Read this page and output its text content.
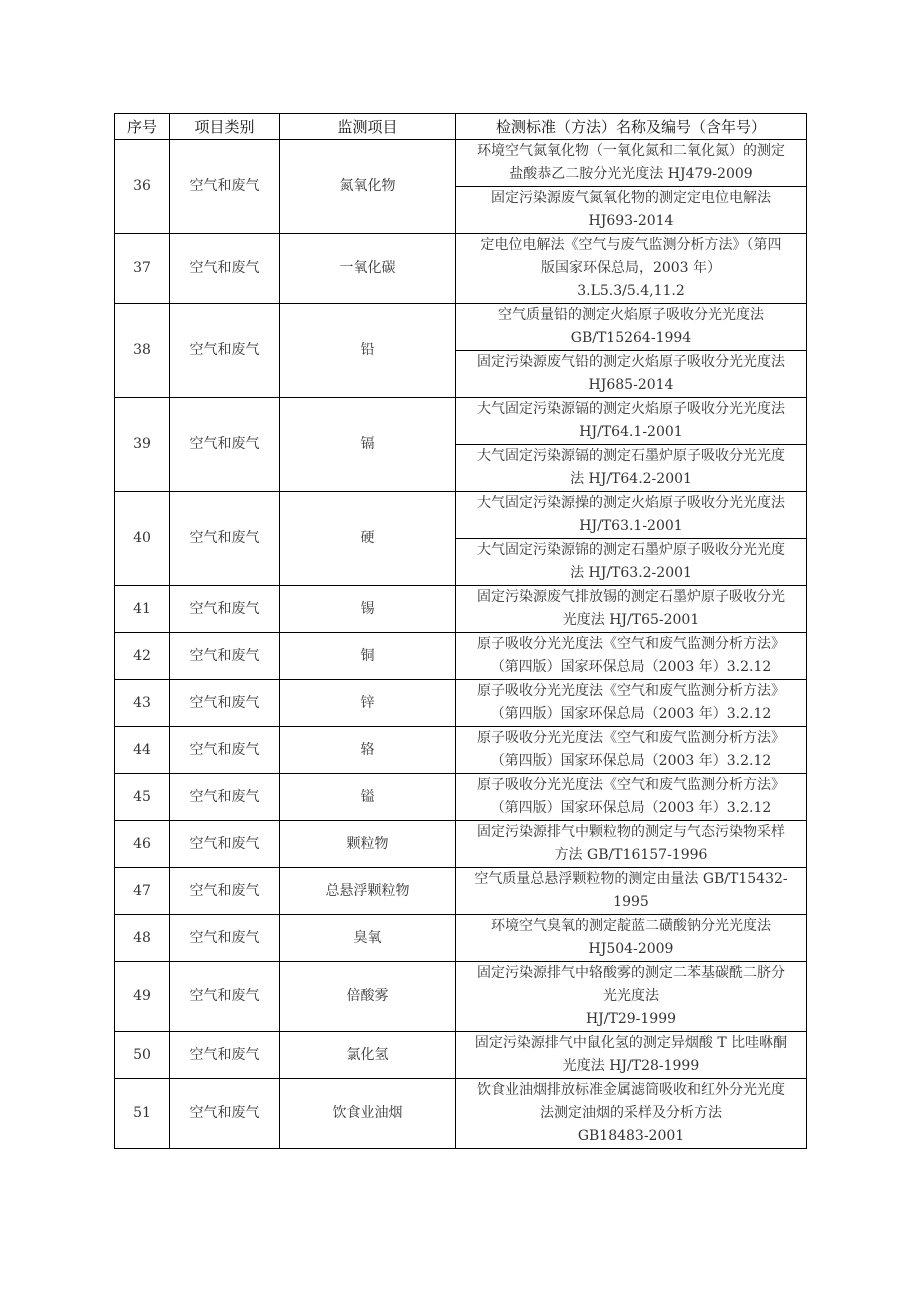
序号	项目类别	监测项目	检测标准（方法）名称及编号（含年号）
36	空气和废气	氮氧化物	环境空气氮氧化物（一氧化氮和二氧化氮）的测定
盐酸恭乙二胺分光光度法 HJ479-2009

			固定污染源废气氮氧化物的测定定电位电解法
HJ693-2014

37	空气和废气	一氧化碳	定电位电解法《空气与废气监测分析方法》（第四
版国家环保总局，2003 年）
3.L5.3/5.4,11.2

38	空气和废气	铅	空气质量铅的测定火焰原子吸收分光光度法
GB/T15264-1994

			固定污染源废气铅的测定火焰原子吸收分光光度法
HJ685-2014

39	空气和废气	镉	大气固定污染源镉的测定火焰原子吸收分光光度法
HJ/T64.1-2001

			大气固定污染源镉的测定石墨炉原子吸收分光光度
法 HJ/T64.2-2001

40	空气和废气	硬	大气固定污染源操的测定火焰原子吸收分光光度法
HJ/T63.1-2001

			大气固定污染源锦的测定石墨炉原子吸收分光光度
法 HJ/T63.2-2001

41	空气和废气	锡	固定污染源废气排放锡的测定石墨炉原子吸收分光
光度法 HJ/T65-2001

42	空气和废气	铜	原子吸收分光光度法《空气和废气监测分析方法》
（第四版）国家环保总局（2003 年）3.2.12

43	空气和废气	锌	原子吸收分光光度法《空气和废气监测分析方法》
（第四版）国家环保总局（2003 年）3.2.12

44	空气和废气	辂	原子吸收分光光度法《空气和废气监测分析方法》
（第四版）国家环保总局（2003 年）3.2.12

45	空气和废气	镒	原子吸收分光光度法《空气和废气监测分析方法》
（第四版）国家环保总局（2003 年）3.2.12

46	空气和废气	颗粒物	固定污染源排气中颗粒物的测定与气态污染物采样
方法 GB/T16157-1996

47	空气和废气	总悬浮颗粒物	空气质量总悬浮颗粒物的测定由量法 GB/T15432-
1995

48	空气和废气	臭氧	环境空气臭氧的测定靛蓝二磺酸钠分光光度法
HJ504-2009

49	空气和废气	倍酸雾	固定污染源排气中辂酸雾的测定二苯基碳酰二脐分
光光度法
HJ/T29-1999

50	空气和废气	氯化氢	固定污染源排气中鼠化氢的测定异烟酸 T 比哇咻酮
光度法 HJ/T28-1999

51	空气和废气	饮食业油烟	饮食业油烟排放标准金属滤筒吸收和红外分光光度
法测定油烟的采样及分析方法
GB18483-2001
